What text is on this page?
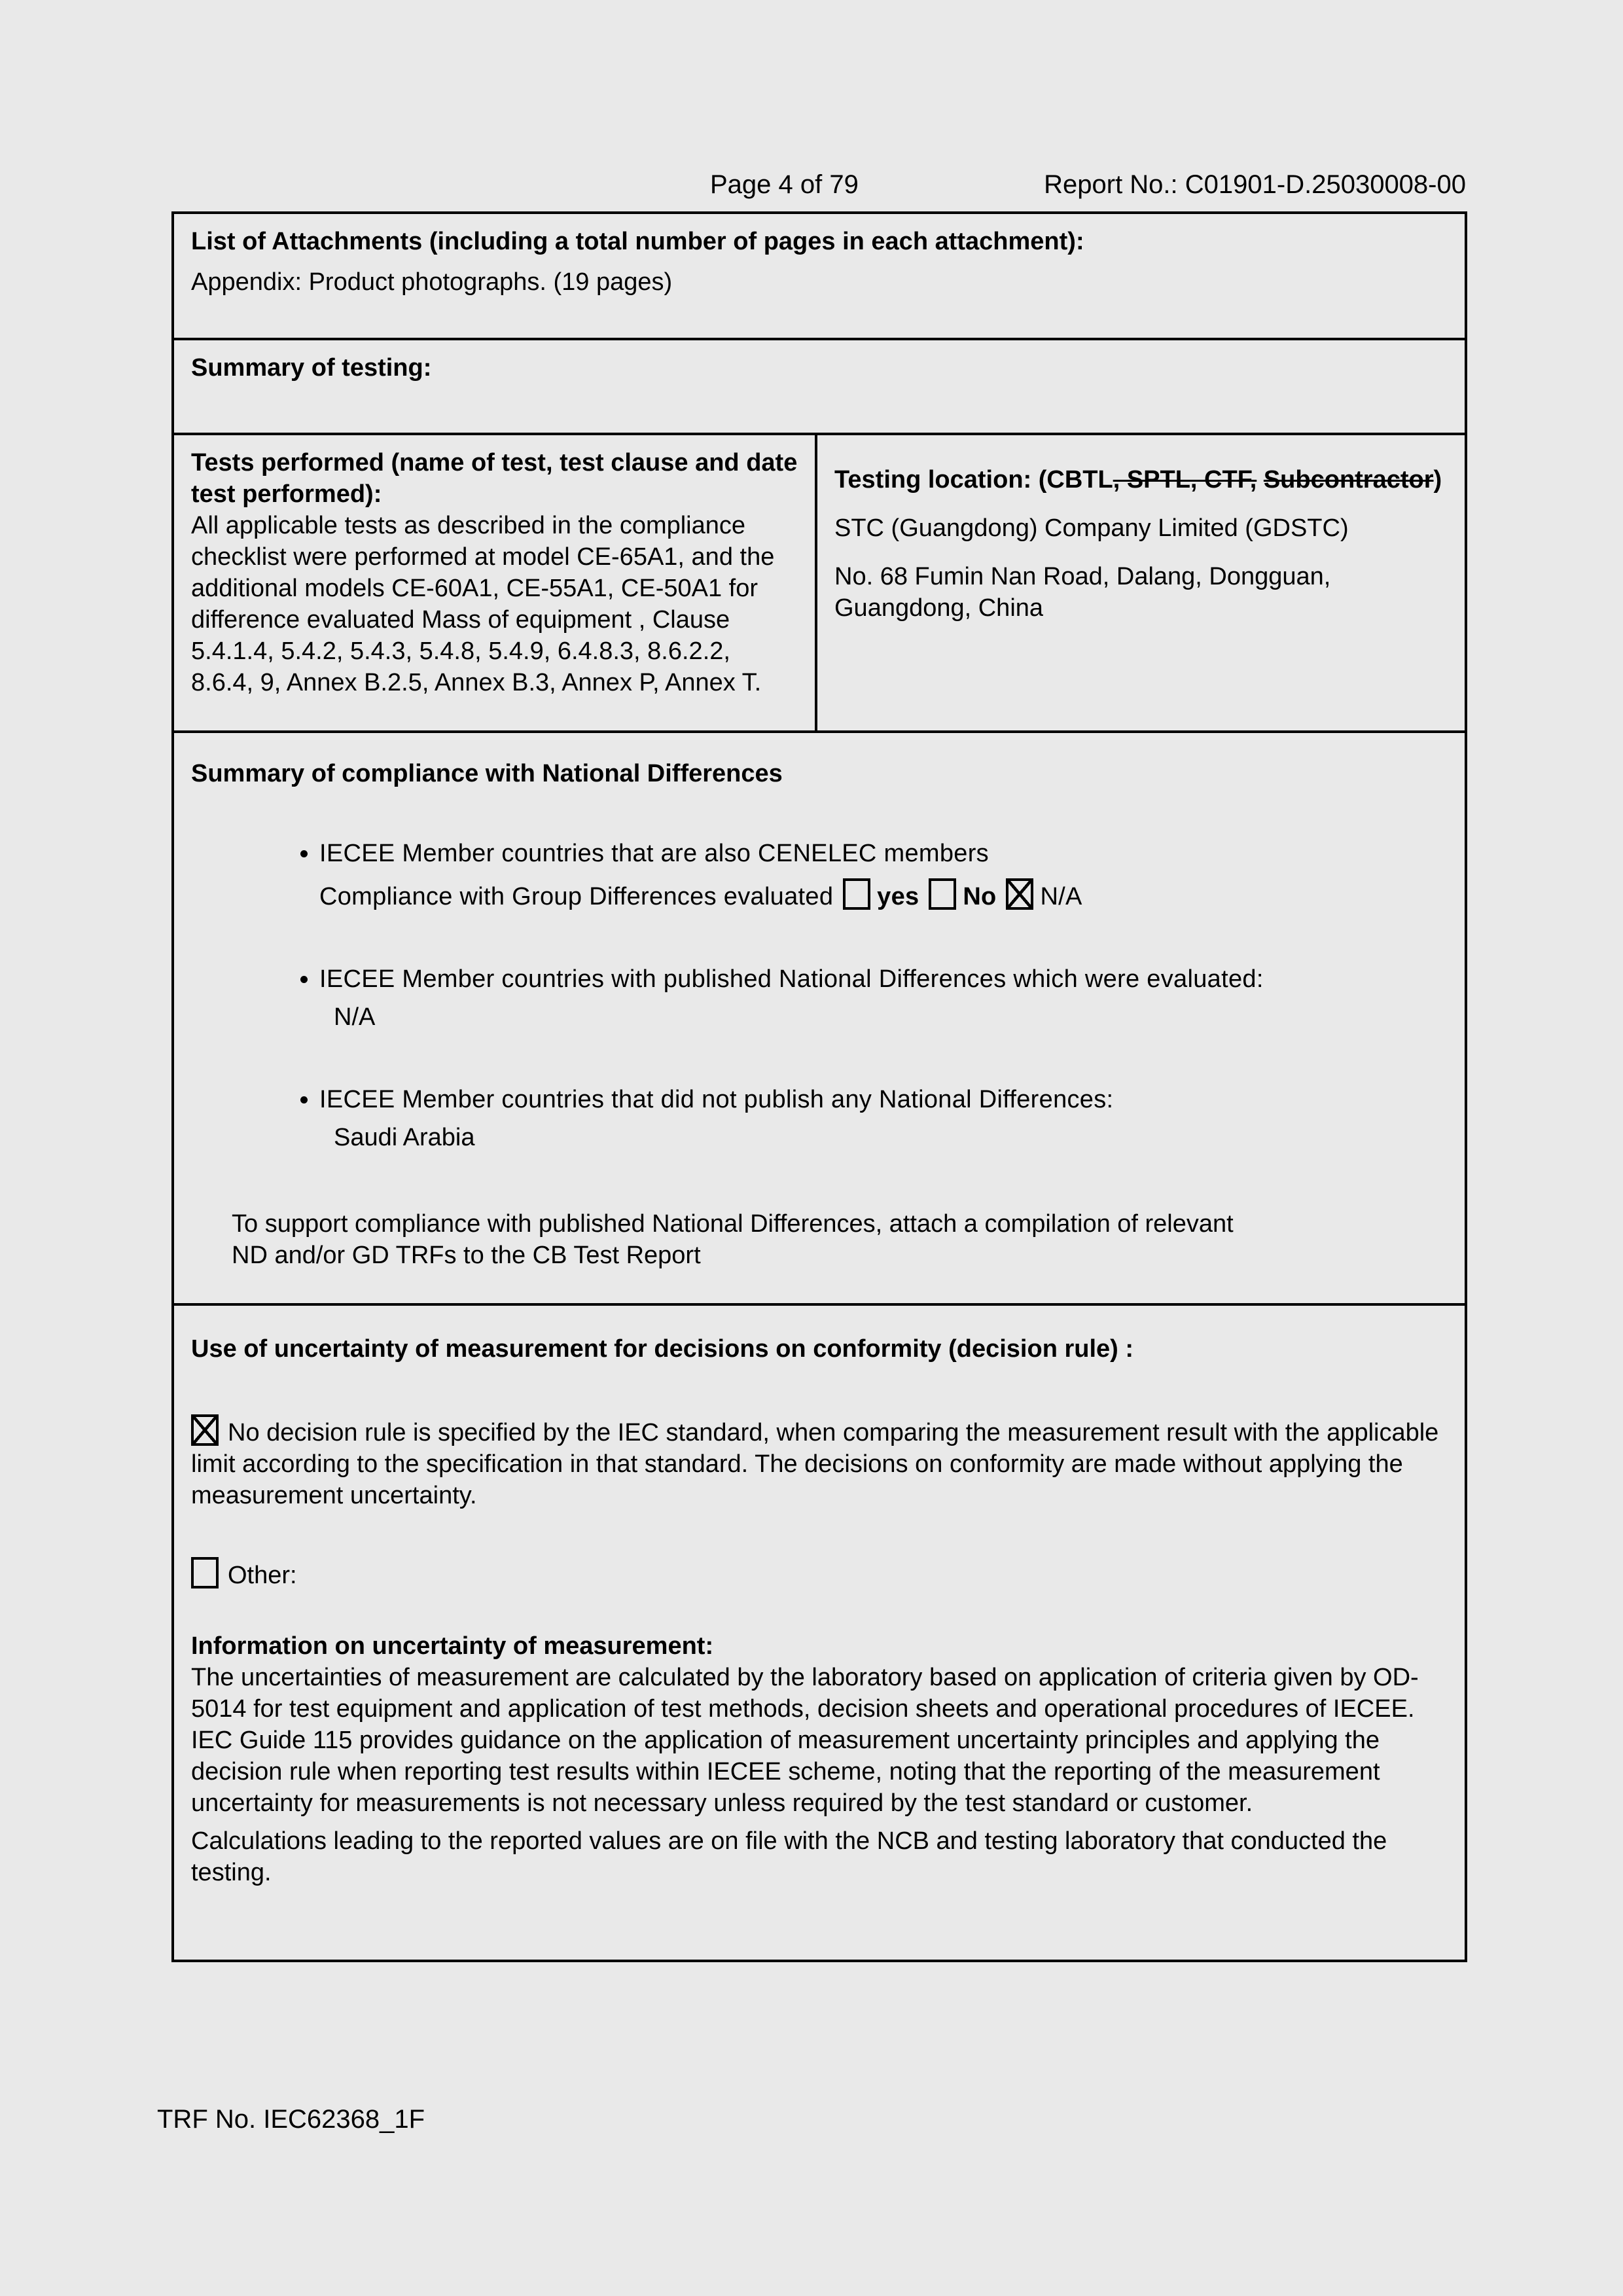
Page 4 of 79	Report No.: C01901-D.25030008-00

List of Attachments (including a total number of pages in each attachment):

Appendix: Product photographs. (19 pages)

Summary of testing:

Tests performed (name of test, test clause and date test performed):

All applicable tests as described in the compliance checklist were performed at model CE-65A1, and the additional models CE-60A1, CE-55A1, CE-50A1 for difference evaluated Mass of equipment , Clause 5.4.1.4, 5.4.2, 5.4.3, 5.4.8, 5.4.9, 6.4.8.3, 8.6.2.2, 8.6.4, 9, Annex B.2.5, Annex B.3, Annex P, Annex T.

Testing location: (CBTL, SPTL, CTF, Subcontractor)

STC (Guangdong) Company Limited (GDSTC)

No. 68 Fumin Nan Road, Dalang, Dongguan, Guangdong, China

Summary of compliance with National Differences

• IECEE Member countries that are also CENELEC members

Compliance with Group Differences evaluated yes No N/A

• IECEE Member countries with published National Differences which were evaluated:

N/A

• IECEE Member countries that did not publish any National Differences:

Saudi Arabia

To support compliance with published National Differences, attach a compilation of relevant ND and/or GD TRFs to the CB Test Report

Use of uncertainty of measurement for decisions on conformity (decision rule) :

No decision rule is specified by the IEC standard, when comparing the measurement result with the applicable limit according to the specification in that standard. The decisions on conformity are made without applying the measurement uncertainty.

Other:

Information on uncertainty of measurement:

The uncertainties of measurement are calculated by the laboratory based on application of criteria given by OD-5014 for test equipment and application of test methods, decision sheets and operational procedures of IECEE.

IEC Guide 115 provides guidance on the application of measurement uncertainty principles and applying the decision rule when reporting test results within IECEE scheme, noting that the reporting of the measurement uncertainty for measurements is not necessary unless required by the test standard or customer.

Calculations leading to the reported values are on file with the NCB and testing laboratory that conducted the testing.

TRF No. IEC62368_1F
